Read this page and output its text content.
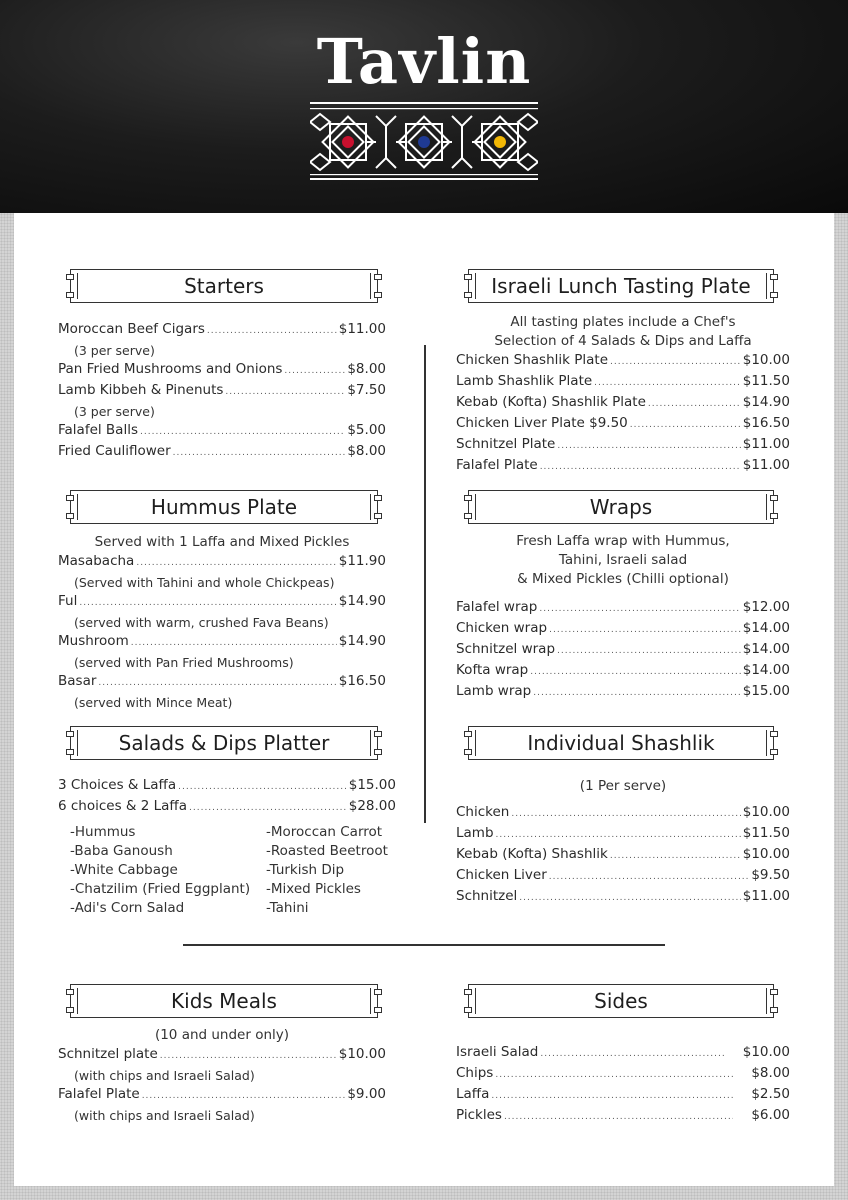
Tavlin
Starters
Moroccan Beef Cigars .....	$11.00
(3 per serve)
Pan Fried Mushrooms and Onions .....	$8.00
Lamb Kibbeh & Pinenuts .....	$7.50
(3 per serve)
Falafel Balls .....	$5.00
Fried Cauliflower .....	$8.00
Hummus Plate
Served with 1 Laffa and Mixed Pickles
Masabacha .....	$11.90
(Served with Tahini and whole Chickpeas)
Ful .....	$14.90
(served with warm, crushed Fava Beans)
Mushroom .....	$14.90
(served with Pan Fried Mushrooms)
Basar .....	$16.50
(served with Mince Meat)
Salads & Dips Platter
3 Choices & Laffa .....	$15.00
6 choices & 2 Laffa .....	$28.00
-Hummus
-Baba Ganoush
-White Cabbage
-Chatzilim (Fried Eggplant)
-Adi's Corn Salad
-Moroccan Carrot
-Roasted Beetroot
-Turkish Dip
-Mixed Pickles
-Tahini
Israeli Lunch Tasting Plate
All tasting plates include a Chef's
Selection of 4 Salads & Dips and Laffa
Chicken Shashlik Plate .....	$10.00
Lamb Shashlik Plate .....	$11.50
Kebab (Kofta) Shashlik Plate .....	$14.90
Chicken Liver Plate $9.50 .....	$16.50
Schnitzel Plate .....	$11.00
Falafel Plate .....	$11.00
Wraps
Fresh Laffa wrap with Hummus,
Tahini, Israeli salad
& Mixed Pickles (Chilli optional)
Falafel wrap .....	$12.00
Chicken wrap .....	$14.00
Schnitzel wrap .....	$14.00
Kofta wrap .....	$14.00
Lamb wrap .....	$15.00
Individual Shashlik
(1 Per serve)
Chicken .....	$10.00
Lamb .....	$11.50
Kebab (Kofta) Shashlik .....	$10.00
Chicken Liver .....	$9.50
Schnitzel .....	$11.00
Kids Meals
(10 and under only)
Schnitzel plate .....	$10.00
(with chips and Israeli Salad)
Falafel Plate .....	$9.00
(with chips and Israeli Salad)
Sides
Israeli Salad .....	$10.00
Chips .....	$8.00
Laffa .....	$2.50
Pickles .....	$6.00
